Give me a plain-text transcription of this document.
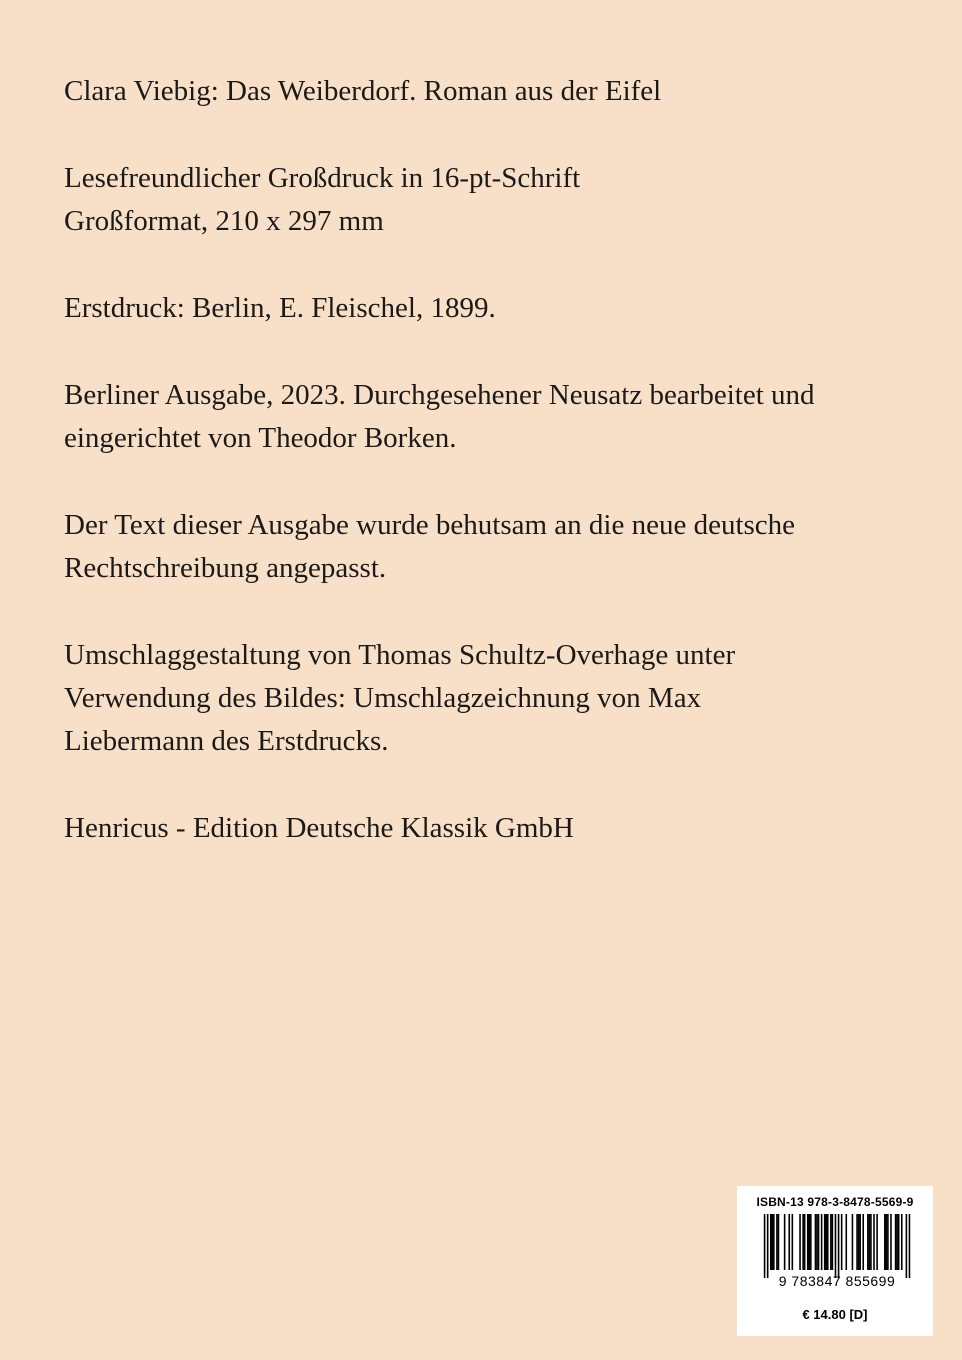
Clara Viebig: Das Weiberdorf. Roman aus der Eifel

Lesefreundlicher Großdruck in 16-pt-Schrift
Großformat, 210 x 297 mm

Erstdruck: Berlin, E. Fleischel, 1899.

Berliner Ausgabe, 2023. Durchgesehener Neusatz bearbeitet und
eingerichtet von Theodor Borken.

Der Text dieser Ausgabe wurde behutsam an die neue deutsche
Rechtschreibung angepasst.

Umschlaggestaltung von Thomas Schultz-Overhage unter
Verwendung des Bildes: Umschlagzeichnung von Max
Liebermann des Erstdrucks.

Henricus - Edition Deutsche Klassik GmbH

ISBN-13 978-3-8478-5569-9
9 783847 855699
€ 14.80 [D]
